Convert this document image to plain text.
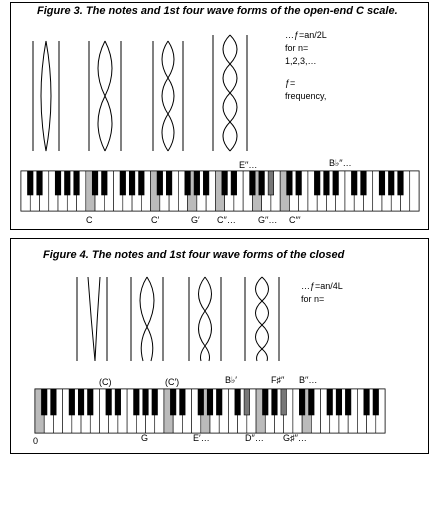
Figure 3. The notes and 1st four wave forms of the open-end C scale.
…ƒ=an/2L
for n=
1,2,3,…
ƒ=
frequency,
E′′…	B♭′′…
C	C′	G′ C′′… G′′… C′′′
Figure 4. The notes and 1st four wave forms of the closed
…ƒ=an/4L
for n=
(C)	(C′)	B♭′	F♯′′ B′′…
0	G	E′…	D′′… G♯′′…
